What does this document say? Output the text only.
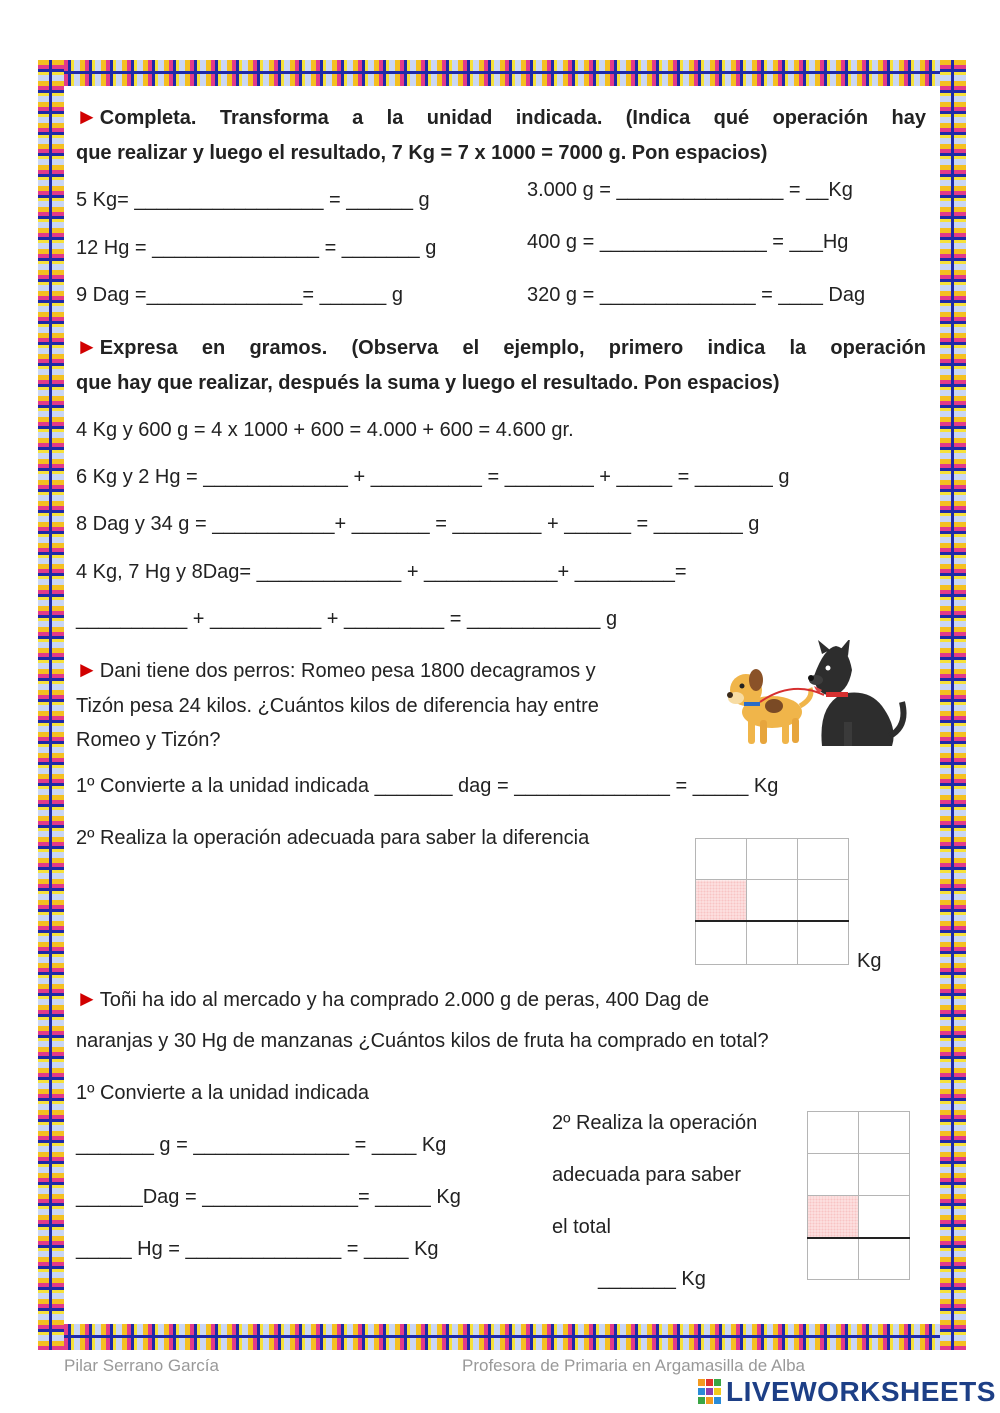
► Completa. Transforma a la unidad indicada. (Indica qué operación hay
que realizar y luego el resultado, 7 Kg = 7 x 1000 = 7000 g. Pon espacios)
5 Kg= _________________ = ______ g
12 Hg = _______________ = _______ g
9 Dag =______________= ______ g
3.000 g = _______________ = __Kg
400 g = _______________ = ___Hg
320 g = ______________ = ____ Dag
► Expresa en gramos. (Observa el ejemplo, primero indica la operación
que hay que realizar, después la suma y luego el resultado. Pon espacios)
4 Kg y 600 g = 4 x 1000 + 600 = 4.000 + 600 = 4.600 gr.
6 Kg y 2 Hg = _____________ + __________ = ________ + _____ = _______ g
8 Dag y 34 g = ___________+ _______ = ________ + ______ = ________ g
4 Kg, 7 Hg y 8Dag= _____________ + ____________+ _________=
__________ + __________ + _________ = ____________ g
► Dani tiene dos perros: Romeo pesa 1800 decagramos y
Tizón pesa 24 kilos. ¿Cuántos kilos de diferencia hay entre
Romeo y Tizón?
1º Convierte a la unidad indicada _______ dag = ______________ = _____ Kg
2º Realiza la operación adecuada para saber la diferencia

Kg
► Toñi ha ido al mercado y ha comprado 2.000 g de peras, 400 Dag de
naranjas y 30 Hg de manzanas ¿Cuántos kilos de fruta ha comprado en total?
1º Convierte a la unidad indicada
_______ g = ______________ = ____ Kg
______Dag = ______________= _____ Kg
_____ Hg = ______________ = ____ Kg
2º Realiza la operación
adecuada para saber
el total
_______ Kg

Pilar Serrano García	Profesora de Primaria en Argamasilla de Alba
LIVEWORKSHEETS
